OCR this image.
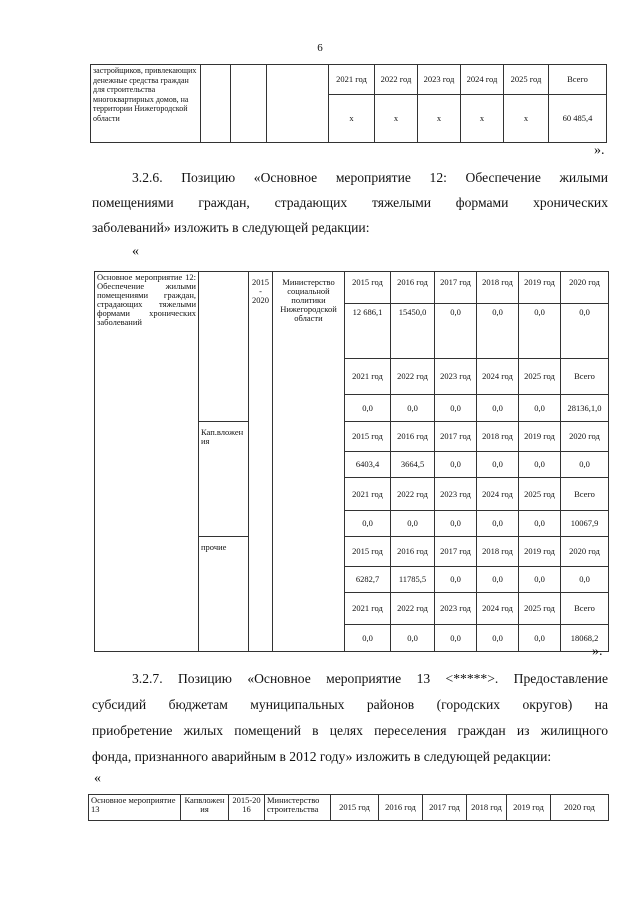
6
застройщиков, привлекающих денежные средства граждан для строительства многоквартирных домов, на территории Нижегородской области				2021 год	2022 год	2023 год	2024 год	2025 год	Всего
				x	x	x	x	x	60 485,4
».
3.2.6. Позицию «Основное мероприятие 12: Обеспечение жилыми
помещениями граждан, страдающих тяжелыми формами хронических
заболеваний» изложить в следующей редакции:
«
Основное мероприятие 12: Обеспечение жилыми помещениями граждан, страдающих тяжелыми формами хронических заболеваний		2015 - 2020	Министерство социальной политики Нижегородской области	2015 год	2016 год	2017 год	2018 год	2019 год	2020 год
				12 686,1	15450,0	0,0	0,0	0,0	0,0
				2021 год	2022 год	2023 год	2024 год	2025 год	Всего
				0,0	0,0	0,0	0,0	0,0	28136,1,0
	Кап.вложения			2015 год	2016 год	2017 год	2018 год	2019 год	2020 год
				6403,4	3664,5	0,0	0,0	0,0	0,0
				2021 год	2022 год	2023 год	2024 год	2025 год	Всего
				0,0	0,0	0,0	0,0	0,0	10067,9
	прочие			2015 год	2016 год	2017 год	2018 год	2019 год	2020 год
				6282,7	11785,5	0,0	0,0	0,0	0,0
				2021 год	2022 год	2023 год	2024 год	2025 год	Всего
				0,0	0,0	0,0	0,0	0,0	18068,2
».
3.2.7. Позицию «Основное мероприятие 13 <*****>. Предоставление
субсидий бюджетам муниципальных районов (городских округов) на
приобретение жилых помещений в целях переселения граждан из жилищного
фонда, признанного аварийным в 2012 году» изложить в следующей редакции:
«
Основное мероприятие 13	Капвложения	2015-2016	Министерство строительства	2015 год	2016 год	2017 год	2018 год	2019 год	2020 год
